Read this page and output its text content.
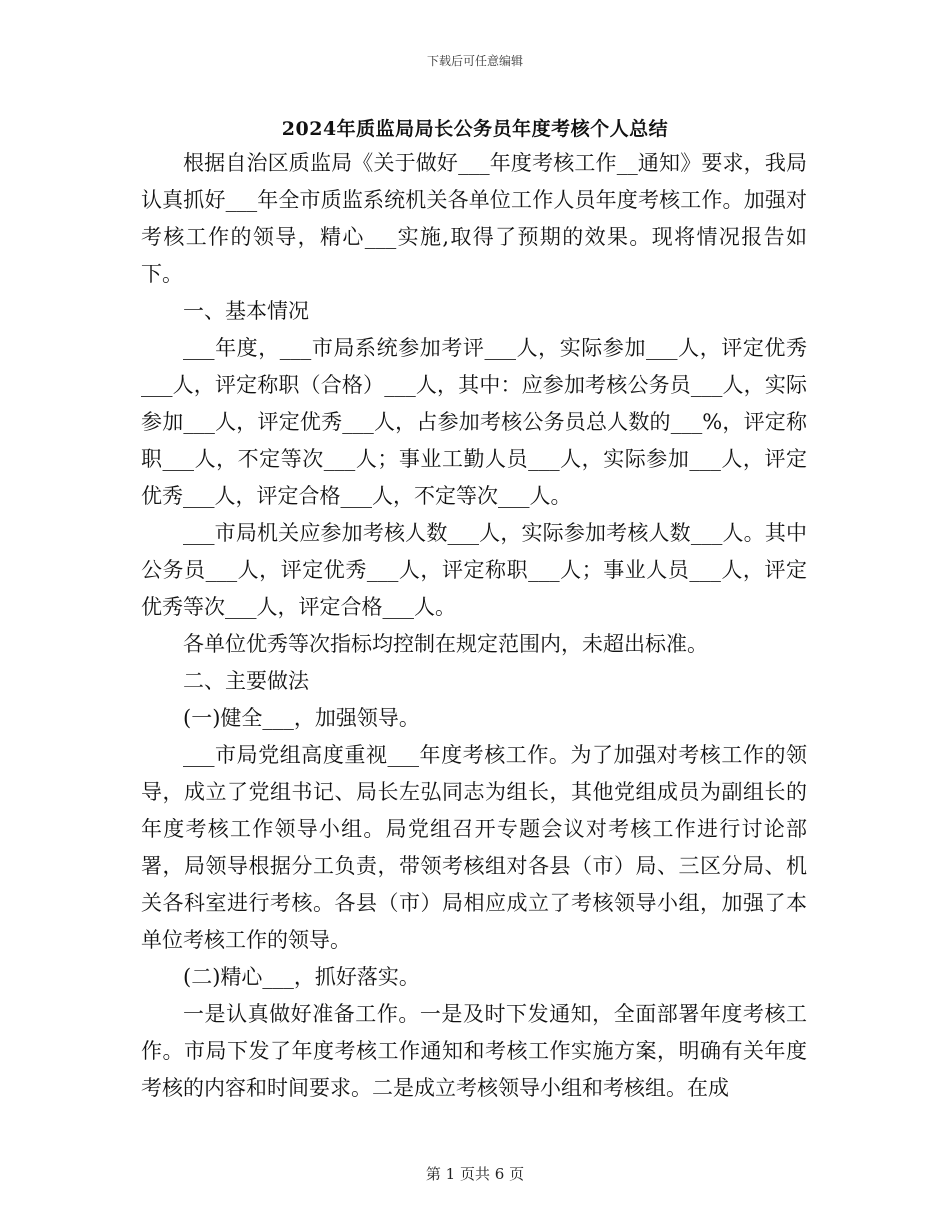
下载后可任意编辑
2024年质监局局长公务员年度考核个人总结

根据自治区质监局《关于做好___年度考核工作__通知》要求，我局认真抓好___年全市质监系统机关各单位工作人员年度考核工作。加强对考核工作的领导，精心___实施,取得了预期的效果。现将情况报告如下。

一、基本情况

___年度，___市局系统参加考评___人，实际参加___人，评定优秀___人，评定称职（合格）___人，其中：应参加考核公务员___人，实际参加___人，评定优秀___人，占参加考核公务员总人数的___%，评定称职___人，不定等次___人；事业工勤人员___人，实际参加___人，评定优秀___人，评定合格___人，不定等次___人。

___市局机关应参加考核人数___人，实际参加考核人数___人。其中公务员___人，评定优秀___人，评定称职___人；事业人员___人，评定优秀等次___人，评定合格___人。

各单位优秀等次指标均控制在规定范围内，未超出标准。

二、主要做法

(一)健全___，加强领导。

___市局党组高度重视___年度考核工作。为了加强对考核工作的领导，成立了党组书记、局长左弘同志为组长，其他党组成员为副组长的年度考核工作领导小组。局党组召开专题会议对考核工作进行讨论部署，局领导根据分工负责，带领考核组对各县（市）局、三区分局、机关各科室进行考核。各县（市）局相应成立了考核领导小组，加强了本单位考核工作的领导。

(二)精心___，抓好落实。

一是认真做好准备工作。一是及时下发通知，全面部署年度考核工作。市局下发了年度考核工作通知和考核工作实施方案，明确有关年度考核的内容和时间要求。二是成立考核领导小组和考核组。在成

第 1 页共 6 页
